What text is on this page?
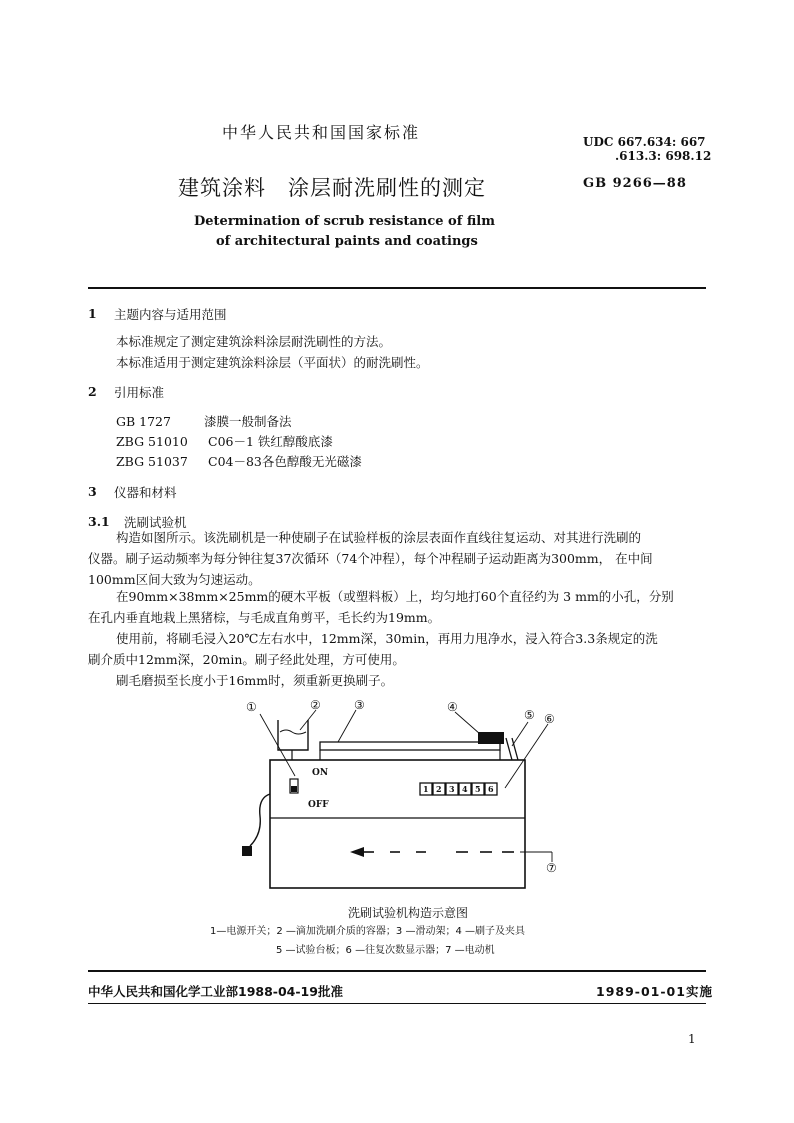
中华人民共和国国家标准	UDC 667.634: 667
.613.3: 698.12
建筑涂料　涂层耐洗刷性的测定	GB 9266—88
Determination of scrub resistance of film
of architectural paints and coatings
1 主题内容与适用范围
本标准规定了测定建筑涂料涂层耐洗刷性的方法。
本标准适用于测定建筑涂料涂层（平面状）的耐洗刷性。
2 引用标准
GB 1727	漆膜一般制备法
ZBG 51010 C06－1 铁红醇酸底漆
ZBG 51037 C04－83各色醇酸无光磁漆
3 仪器和材料
3.1 洗刷试验机
构造如图所示。该洗刷机是一种使刷子在试验样板的涂层表面作直线往复运动、对其进行洗刷的
仪器。刷子运动频率为每分钟往复37次循环（74个冲程），每个冲程刷子运动距离为300mm， 在中间
100mm区间大致为匀速运动。
在90mm×38mm×25mm的硬木平板（或塑料板）上，均匀地打60个直径约为 3 mm的小孔，分别
在孔内垂直地栽上黑猪棕，与毛成直角剪平，毛长约为19mm。
使用前，将刷毛浸入20℃左右水中，12mm深，30min，再用力甩净水，浸入符合3.3条规定的洗
刷介质中12mm深，20min。刷子经此处理，方可使用。
刷毛磨损至长度小于16mm时，须重新更换刷子。
①	②	③	④
⑤ ⑥
⑦
ON
OFF
1 2 3 4 5 6
洗刷试验机构造示意图
1—电源开关；2 —滴加洗刷介质的容器；3 —滑动架；4 —刷子及夹具
5 —试验台板；6 —往复次数显示器；7 —电动机
中华人民共和国化学工业部1988-04-19批准	1989-01-01实施
1
